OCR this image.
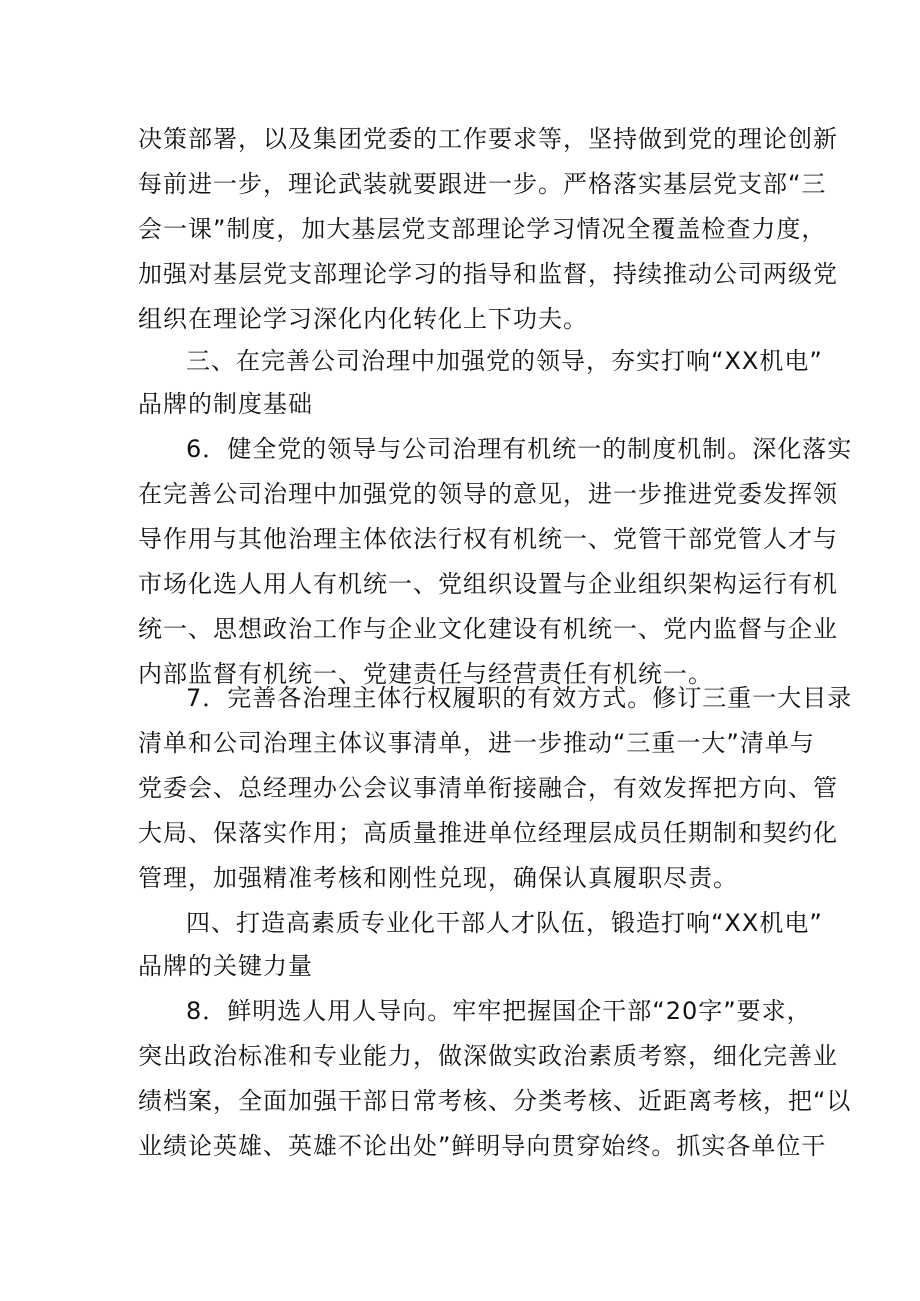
决策部署，以及集团党委的工作要求等，坚持做到党的理论创新
每前进一步，理论武装就要跟进一步。严格落实基层党支部“三
会一课”制度，加大基层党支部理论学习情况全覆盖检查力度，
加强对基层党支部理论学习的指导和监督，持续推动公司两级党
组织在理论学习深化内化转化上下功夫。
三、在完善公司治理中加强党的领导，夯实打响“XX机电”
品牌的制度基础
6．健全党的领导与公司治理有机统一的制度机制。深化落实
在完善公司治理中加强党的领导的意见，进一步推进党委发挥领
导作用与其他治理主体依法行权有机统一、党管干部党管人才与
市场化选人用人有机统一、党组织设置与企业组织架构运行有机
统一、思想政治工作与企业文化建设有机统一、党内监督与企业
内部监督有机统一、党建责任与经营责任有机统一。
7．完善各治理主体行权履职的有效方式。修订三重一大目录
清单和公司治理主体议事清单，进一步推动“三重一大”清单与
党委会、总经理办公会议事清单衔接融合，有效发挥把方向、管
大局、保落实作用；高质量推进单位经理层成员任期制和契约化
管理，加强精准考核和刚性兑现，确保认真履职尽责。
四、打造高素质专业化干部人才队伍，锻造打响“XX机电”
品牌的关键力量
8．鲜明选人用人导向。牢牢把握国企干部“20字”要求，
突出政治标准和专业能力，做深做实政治素质考察，细化完善业
绩档案，全面加强干部日常考核、分类考核、近距离考核，把“以
业绩论英雄、英雄不论出处”鲜明导向贯穿始终。抓实各单位干
